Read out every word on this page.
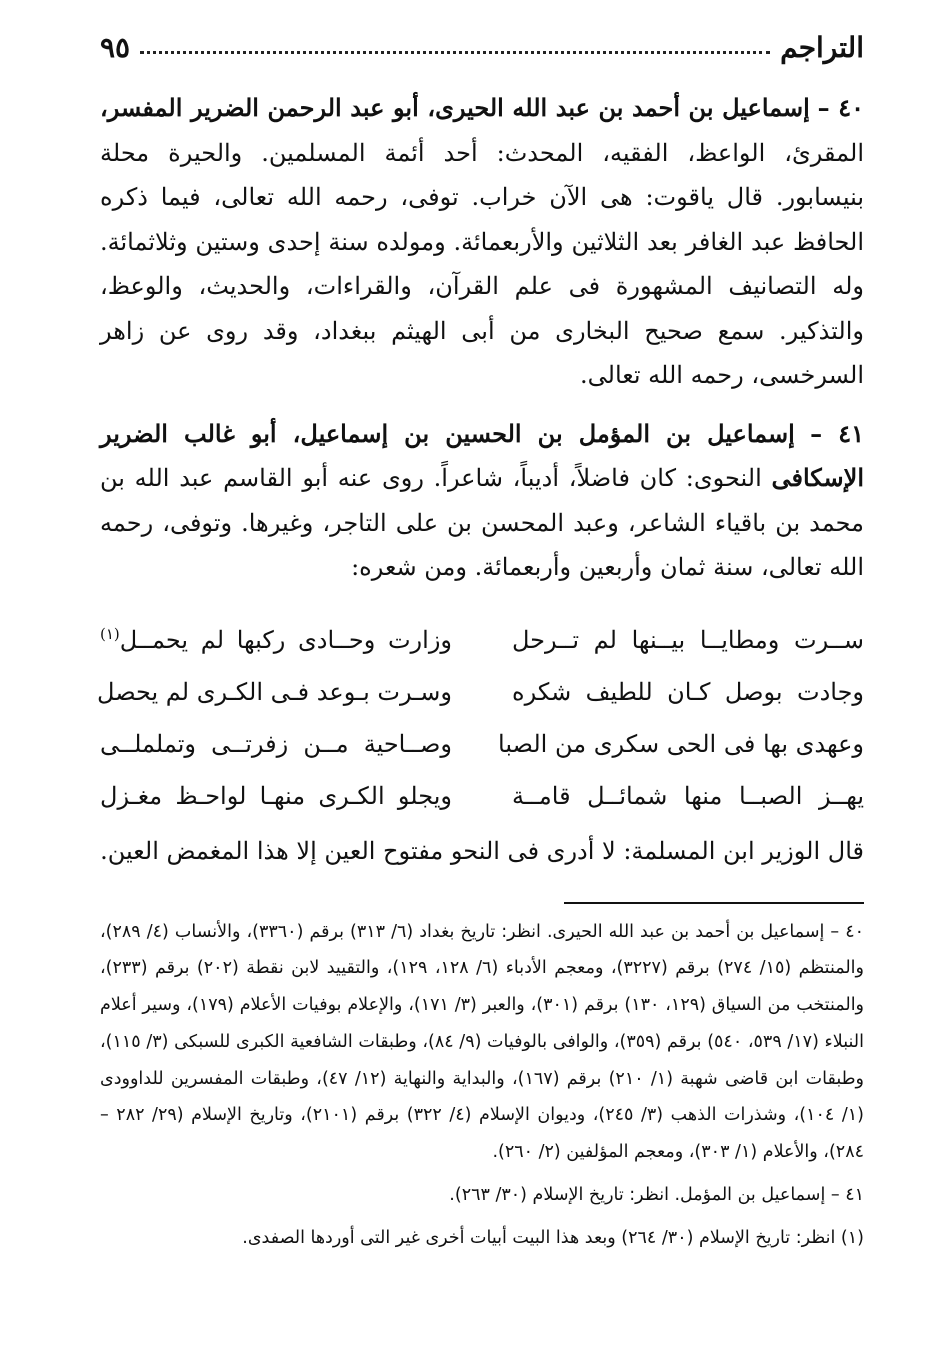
التراجم
٩٥

٤٠ – إسماعيل بن أحمد بن عبد الله الحيرى، أبو عبد الرحمن الضرير المفسر، المقرئ، الواعظ، الفقيه، المحدث: أحد أئمة المسلمين. والحيرة محلة بنيسابور. قال ياقوت: هى الآن خراب. توفى، رحمه الله تعالى، فيما ذكره الحافظ عبد الغافر بعد الثلاثين والأربعمائة. ومولده سنة إحدى وستين وثلاثمائة. وله التصانيف المشهورة فى علم القرآن، والقراءات، والحديث، والوعظ، والتذكير. سمع صحيح البخارى من أبى الهيثم ببغداد، وقد روى عن زاهر السرخسى، رحمه الله تعالى.

٤١ – إسماعيل بن المؤمل بن الحسين بن إسماعيل، أبو غالب الضرير الإسكافى النحوى: كان فاضلاً، أديباً، شاعراً. روى عنه أبو القاسم عبد الله بن محمد بن باقياء الشاعر، وعبد المحسن بن على التاجر، وغيرها. وتوفى، رحمه الله تعالى، سنة ثمان وأربعين وأربعمائة. ومن شعره:

ســرت ومطايــا بيــنها لم تــرحل
وزارت وحــادى ركبها لم يحمــل$^{(١)}$
وجادت بوصل كـان للطيف شكره
وسـرت بـوعد فـى الكـرى لم يحصل
وعهدى بها فى الحى سكرى من الصبا
وصــاحية مــن زفرتــى وتململــى
يهــز الصبــا منها شمائــل قامــة
ويجلو الكـرى منهـا لواحـظ مغـزل

قال الوزير ابن المسلمة: لا أدرى فى النحو مفتوح العين إلا هذا المغمض العين.

٤٠ – إسماعيل بن أحمد بن عبد الله الحيرى. انظر: تاريخ بغداد (٦/ ٣١٣) برقم (٣٣٦٠)، والأنساب (٤/ ٢٨٩)، والمنتظم (١٥/ ٢٧٤) برقم (٣٢٢٧)، ومعجم الأدباء (٦/ ١٢٨، ١٢٩)، والتقييد لابن نقطة (٢٠٢) برقم (٢٣٣)، والمنتخب من السياق (١٢٩، ١٣٠) برقم (٣٠١)، والعبر (٣/ ١٧١)، والإعلام بوفيات الأعلام (١٧٩)، وسير أعلام النبلاء (١٧/ ٥٣٩، ٥٤٠) برقم (٣٥٩)، والوافى بالوفيات (٩/ ٨٤)، وطبقات الشافعية الكبرى للسبكى (٣/ ١١٥)، وطبقات ابن قاضى شهبة (١/ ٢١٠) برقم (١٦٧)، والبداية والنهاية (١٢/ ٤٧)، وطبقات المفسرين للداوودى (١/ ١٠٤)، وشذرات الذهب (٣/ ٢٤٥)، وديوان الإسلام (٤/ ٣٢٢) برقم (٢١٠١)، وتاريخ الإسلام (٢٩/ ٢٨٢ – ٢٨٤)، والأعلام (١/ ٣٠٣)، ومعجم المؤلفين (٢/ ٢٦٠).

٤١ – إسماعيل بن المؤمل. انظر: تاريخ الإسلام (٣٠/ ٢٦٣).

(١) انظر: تاريخ الإسلام (٣٠/ ٢٦٤) وبعد هذا البيت أبيات أخرى غير التى أوردها الصفدى.
